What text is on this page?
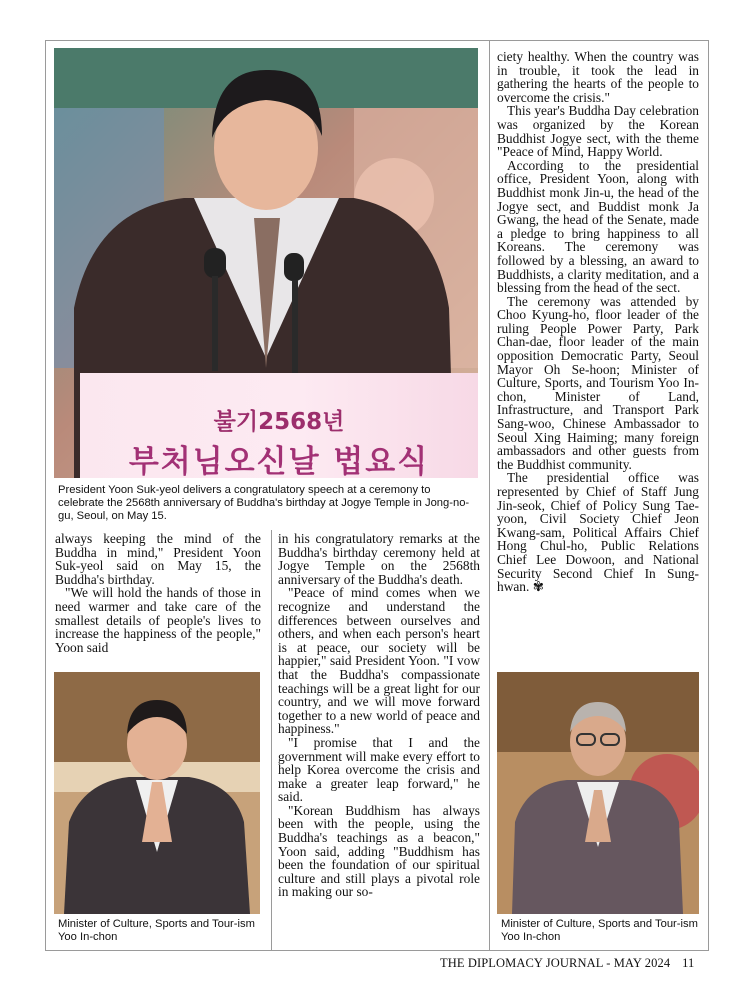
불기2568년
부처님오신날 법요식
President Yoon Suk-yeol delivers a congratulatory speech at a ceremony to celebrate the 2568th anniversary of Buddha's birthday at Jogye Temple in Jong-no-gu, Seoul, on May 15.

always keeping the mind of the Buddha in mind," President Yoon Suk-yeol said on May 15, the Buddha's birthday.

"We will hold the hands of those in need warmer and take care of the smallest details of people's lives to increase the happiness of the people," Yoon said

Minister of Culture, Sports and Tour-ism Yoo In-chon

in his congratulatory remarks at the Buddha's birthday ceremony held at Jogye Temple on the 2568th anniversary of the Buddha's death.

"Peace of mind comes when we recognize and understand the differences between ourselves and others, and when each person's heart is at peace, our society will be happier," said President Yoon. "I vow that the Buddha's compassionate teachings will be a great light for our country, and we will move forward together to a new world of peace and happiness."

"I promise that I and the government will make every effort to help Korea overcome the crisis and make a greater leap forward," he said.

"Korean Buddhism has always been with the people, using the Buddha's teachings as a beacon," Yoon said, adding "Buddhism has been the foundation of our spiritual culture and still plays a pivotal role in making our so-

ciety healthy. When the country was in trouble, it took the lead in gathering the hearts of the people to overcome the crisis."

This year's Buddha Day celebration was organized by the Korean Buddhist Jogye sect, with the theme "Peace of Mind, Happy World.

According to the presidential office, President Yoon, along with Buddhist monk Jin-u, the head of the Jogye sect, and Buddist monk Ja Gwang, the head of the Senate, made a pledge to bring happiness to all Koreans. The ceremony was followed by a blessing, an award to Buddhists, a clarity meditation, and a blessing from the head of the sect.

The ceremony was attended by Choo Kyung-ho, floor leader of the ruling People Power Party, Park Chan-dae, floor leader of the main opposition Democratic Party, Seoul Mayor Oh Se-hoon; Minister of Culture, Sports, and Tourism Yoo In-chon, Minister of Land, Infrastructure, and Transport Park Sang-woo, Chinese Ambassador to Seoul Xing Haiming; many foreign ambassadors and other guests from the Buddhist community.

The presidential office was represented by Chief of Staff Jung Jin-seok, Chief of Policy Sung Tae-yoon, Civil Society Chief Jeon Kwang-sam, Political Affairs Chief Hong Chul-ho, Public Relations Chief Lee Dowoon, and National Security Second Chief In Sung-hwan. ✾

Minister of Culture, Sports and Tour-ism Yoo In-chon
THE DIPLOMACY JOURNAL - MAY 2024 11
